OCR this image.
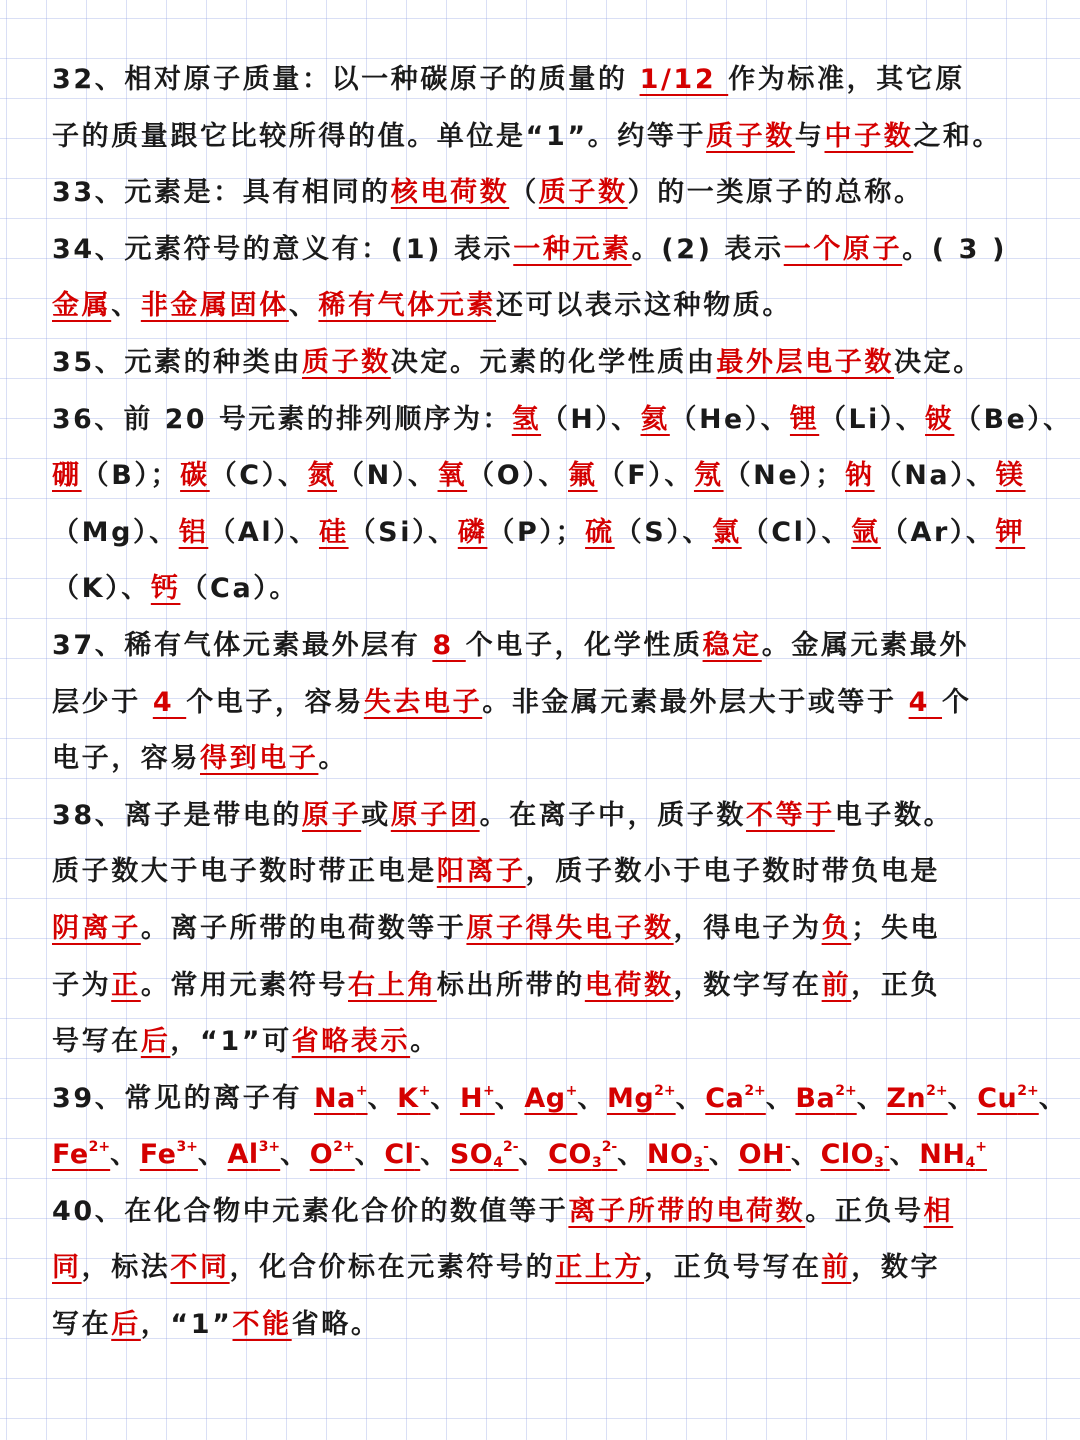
32、相对原子质量：以一种碳原子的质量的 1/12 作为标准，其它原
子的质量跟它比较所得的值。单位是“1”。约等于质子数与中子数之和。
33、元素是：具有相同的核电荷数（质子数）的一类原子的总称。
34、元素符号的意义有：(1) 表示一种元素。(2) 表示一个原子。( 3 )
金属、非金属固体、稀有气体元素还可以表示这种物质。
35、元素的种类由质子数决定。元素的化学性质由最外层电子数决定。
36、前 20 号元素的排列顺序为：氢（H）、氦（He）、锂（Li）、铍（Be）、
硼（B）；碳（C）、氮（N）、氧（O）、氟（F）、氖（Ne）；钠（Na）、镁
（Mg）、铝（Al）、硅（Si）、磷（P）；硫（S）、氯（Cl）、氩（Ar）、钾
（K）、钙（Ca）。
37、稀有气体元素最外层有 8 个电子，化学性质稳定。金属元素最外
层少于 4 个电子，容易失去电子。非金属元素最外层大于或等于 4 个
电子，容易得到电子。
38、离子是带电的原子或原子团。在离子中，质子数不等于电子数。
质子数大于电子数时带正电是阳离子，质子数小于电子数时带负电是
阴离子。离子所带的电荷数等于原子得失电子数，得电子为负；失电
子为正。常用元素符号右上角标出所带的电荷数，数字写在前，正负
号写在后，“1”可省略表示。
39、常见的离子有 Na+、K+、H+、Ag+、$Mg^{2+}$、$Ca^{2+}$、$Ba^{2+}$、$Zn^{2+}$、$Cu^{2+}$、
$Fe^{2+}$、$Fe^{3+}$、$Al^{3+}$、$O^{2+}$、Cl-、$SO_4^{2-}$、$CO_3^{2-}$、$NO_3^-$、OH-、ClO$_3$-、$NH_4^+$
40、在化合物中元素化合价的数值等于离子所带的电荷数。正负号相
同，标法不同，化合价标在元素符号的正上方，正负号写在前，数字
写在后，“1”不能省略。
